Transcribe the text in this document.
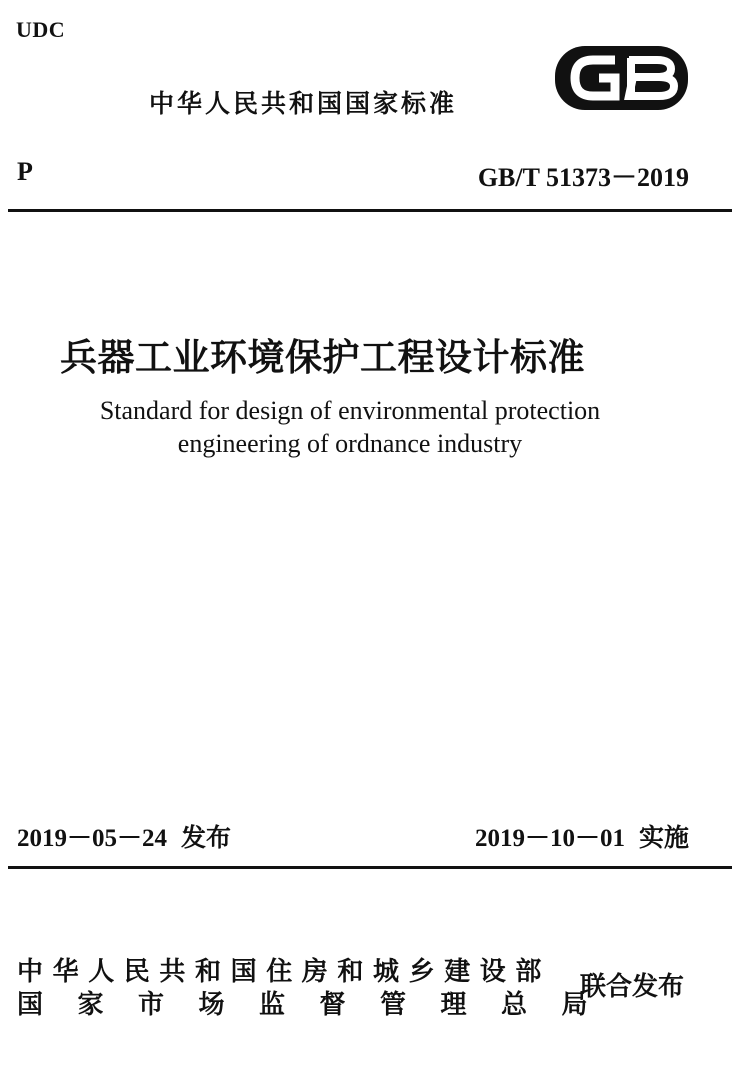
UDC
中华人民共和国国家标准
P	GB/T 51373－2019
兵器工业环境保护工程设计标准
Standard for design of environmental protection
engineering of ordnance industry
2019－05－24 发布	2019－10－01 实施
中华人民共和国住房和城乡建设部
国家市场监督管理总局
联合发布
